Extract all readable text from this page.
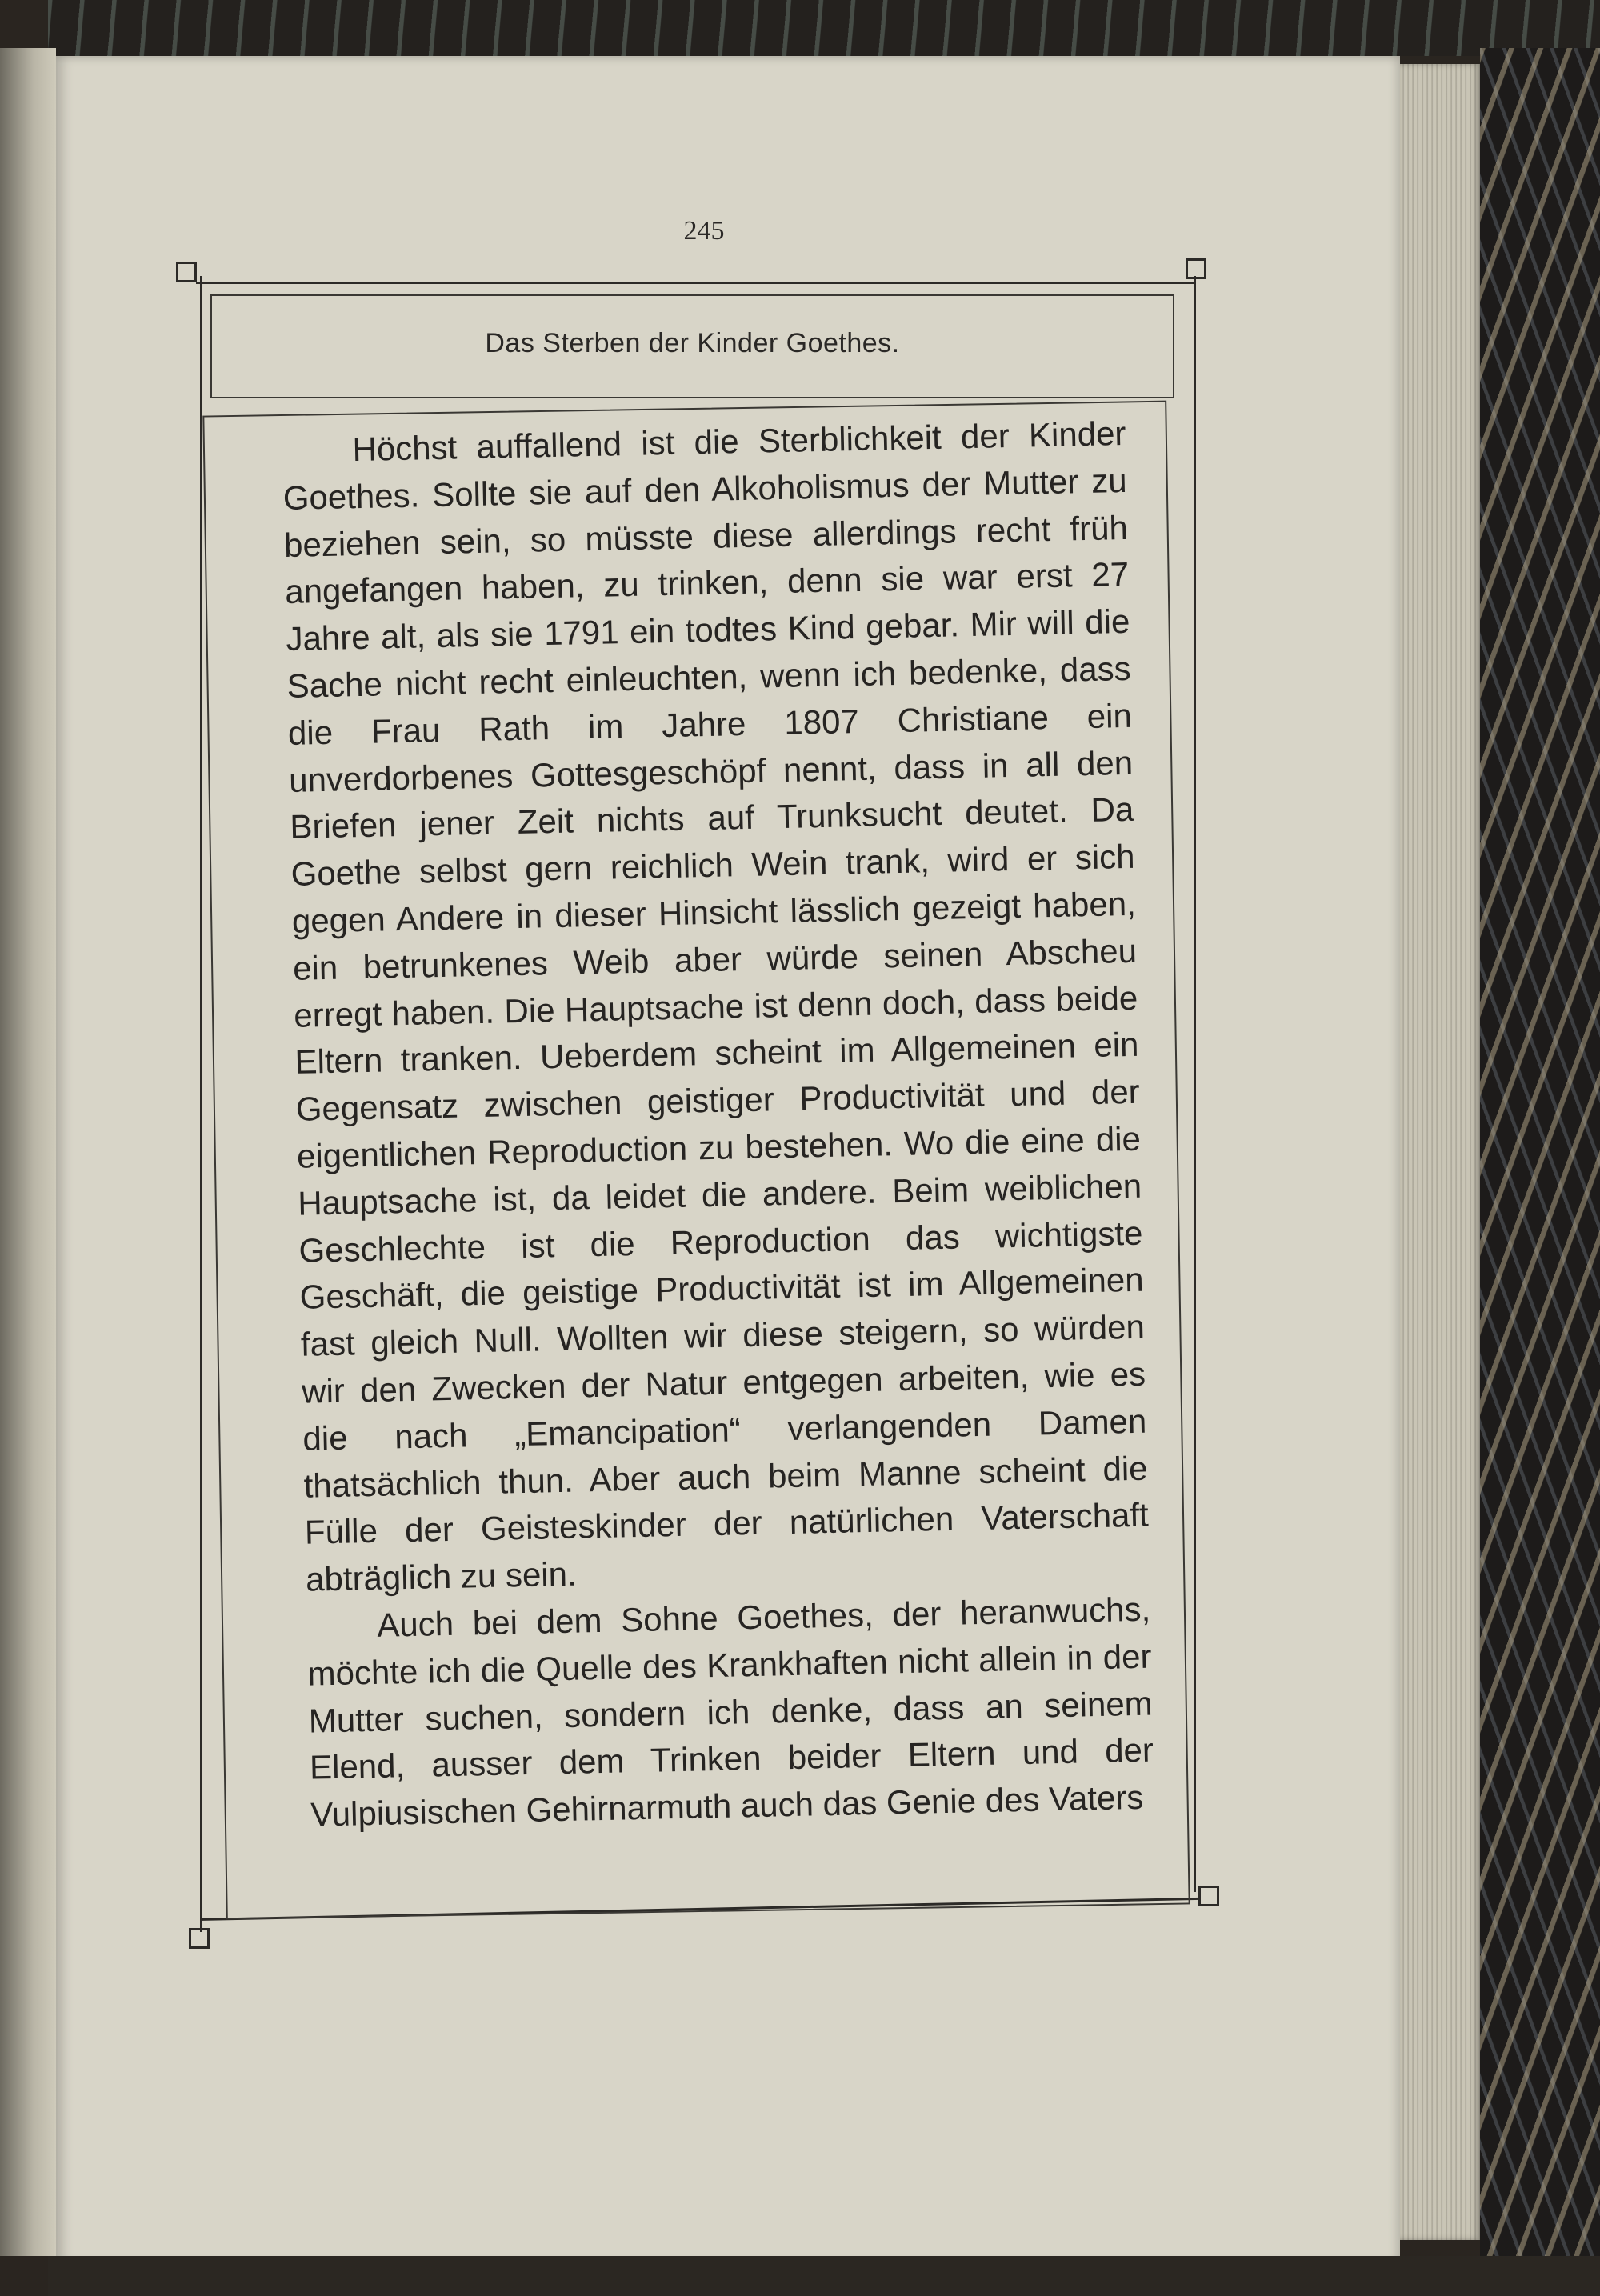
245
Das Sterben der Kinder Goethes.

Höchst auffallend ist die Sterblichkeit der Kinder Goethes. Sollte sie auf den Alkoholismus der Mutter zu beziehen sein, so müsste diese allerdings recht früh angefangen haben, zu trinken, denn sie war erst 27 Jahre alt, als sie 1791 ein todtes Kind gebar. Mir will die Sache nicht recht einleuchten, wenn ich bedenke, dass die Frau Rath im Jahre 1807 Christiane ein unverdorbenes Gottesgeschöpf nennt, dass in all den Briefen jener Zeit nichts auf Trunksucht deutet. Da Goethe selbst gern reichlich Wein trank, wird er sich gegen Andere in dieser Hinsicht lässlich gezeigt haben, ein betrunkenes Weib aber würde seinen Abscheu erregt haben. Die Hauptsache ist denn doch, dass beide Eltern tranken. Ueberdem scheint im Allgemeinen ein Gegensatz zwischen geistiger Productivität und der eigentlichen Reproduction zu bestehen. Wo die eine die Hauptsache ist, da leidet die andere. Beim weiblichen Geschlechte ist die Reproduction das wichtigste Geschäft, die geistige Productivität ist im Allgemeinen fast gleich Null. Wollten wir diese steigern, so würden wir den Zwecken der Natur entgegen arbeiten, wie es die nach „Emancipation“ verlangenden Damen thatsächlich thun. Aber auch beim Manne scheint die Fülle der Geisteskinder der natürlichen Vaterschaft abträglich zu sein.

Auch bei dem Sohne Goethes, der heranwuchs, möchte ich die Quelle des Krankhaften nicht allein in der Mutter suchen, sondern ich denke, dass an seinem Elend, ausser dem Trinken beider Eltern und der Vulpiusischen Gehirnarmuth auch das Genie des Vaters
